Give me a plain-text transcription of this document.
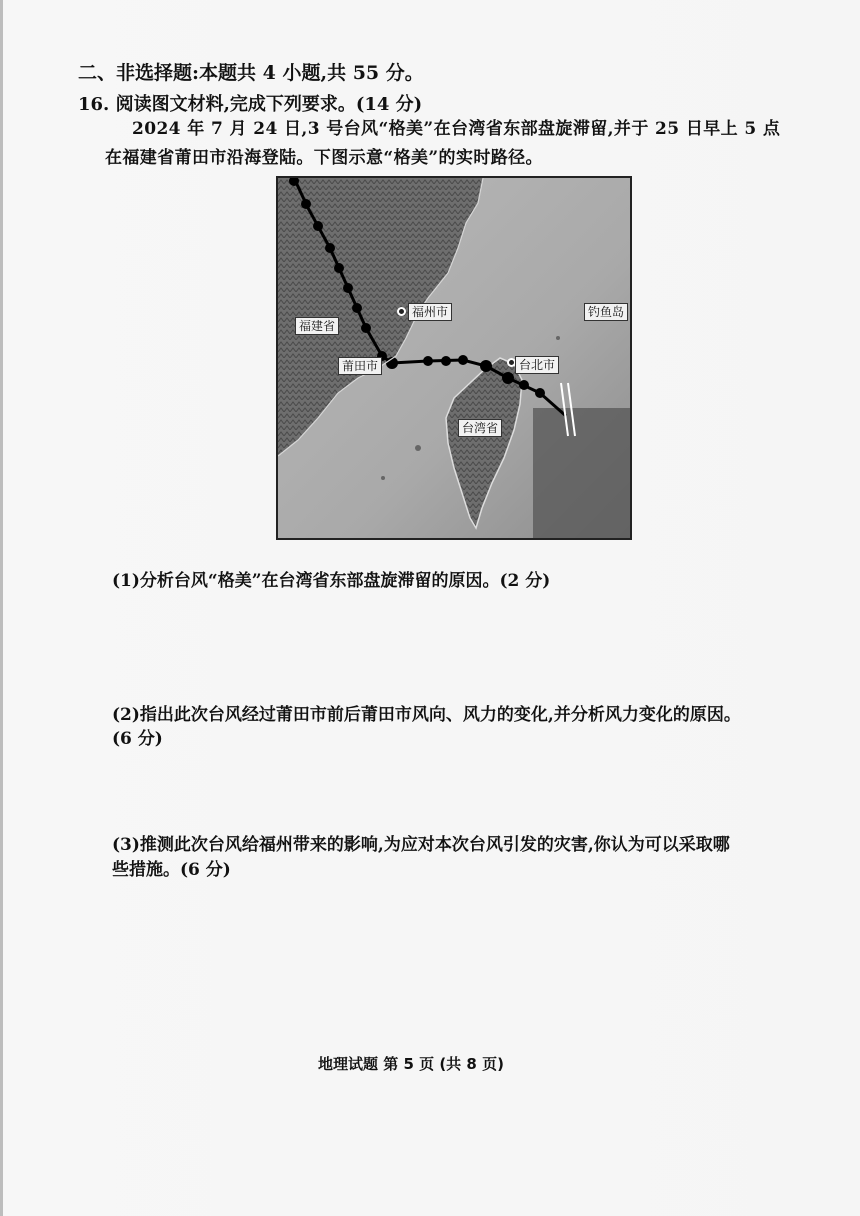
二、非选择题:本题共 4 小题,共 55 分。
16. 阅读图文材料,完成下列要求。(14 分)
2024 年 7 月 24 日,3 号台风“格美”在台湾省东部盘旋滞留,并于 25 日早上 5 点
在福建省莆田市沿海登陆。下图示意“格美”的实时路径。
福建省
福州市	钓鱼岛
莆田市	台北市
台湾省
(1)分析台风“格美”在台湾省东部盘旋滞留的原因。(2 分)
(2)指出此次台风经过莆田市前后莆田市风向、风力的变化,并分析风力变化的原因。
(6 分)
(3)推测此次台风给福州带来的影响,为应对本次台风引发的灾害,你认为可以采取哪
些措施。(6 分)
地理试题 第 5 页 (共 8 页)
